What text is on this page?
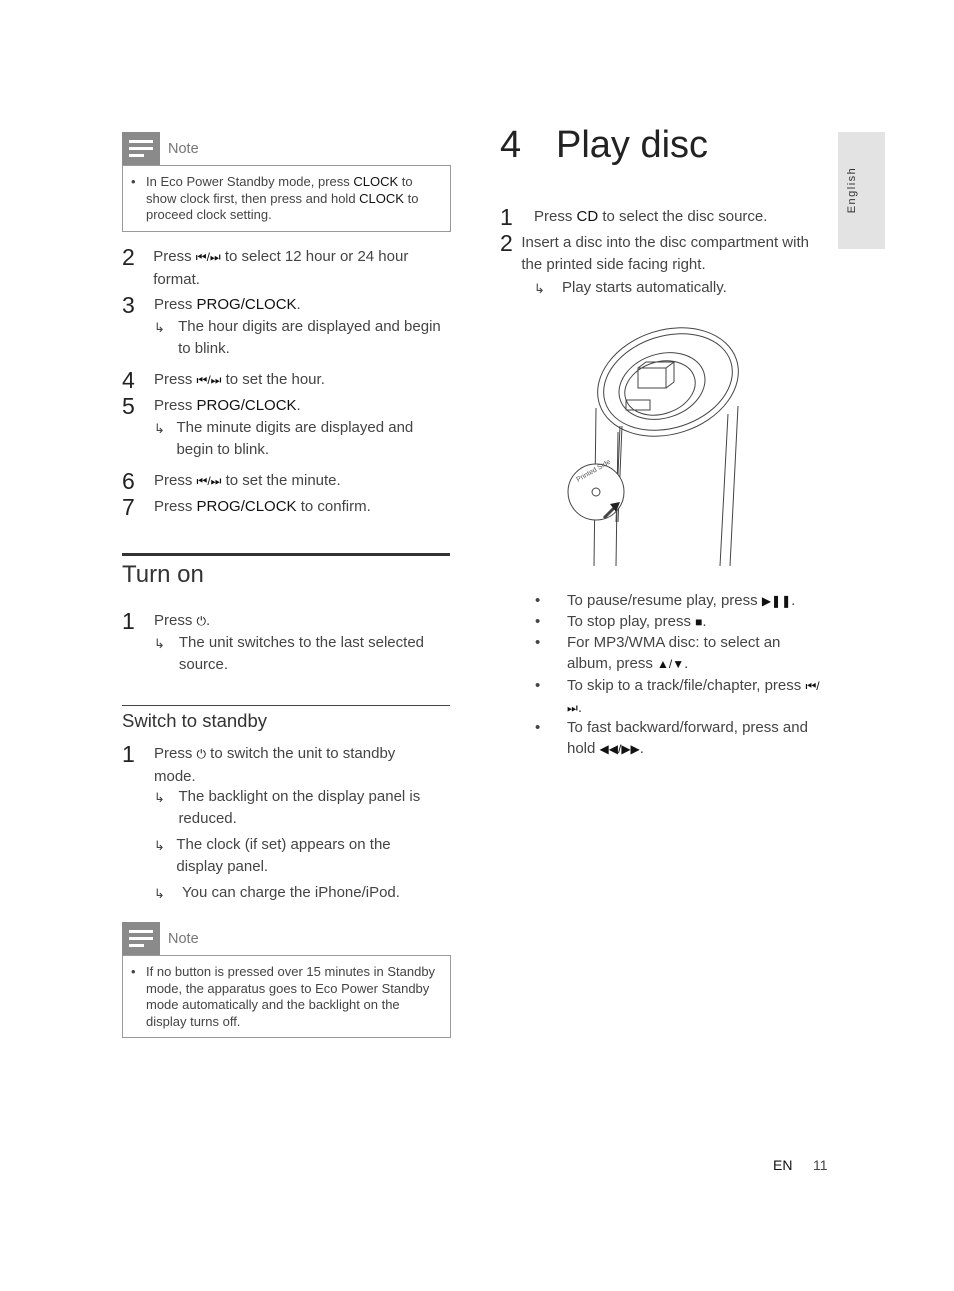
English
Note
• In Eco Power Standby mode, press CLOCK to show clock first, then press and hold CLOCK to proceed clock setting.
2	Press ⏮/⏭ to select 12 hour or 24 hour format.
3	Press PROG/CLOCK.
↳ The hour digits are displayed and begin to blink.
4	Press ⏮/⏭ to set the hour.
5	Press PROG/CLOCK.
↳ The minute digits are displayed and begin to blink.
6	Press ⏮/⏭ to set the minute.
7	Press PROG/CLOCK to confirm.
Turn on
1	Press ⏻.
↳ The unit switches to the last selected source.
Switch to standby
1	Press ⏻ to switch the unit to standby mode.
↳ The backlight on the display panel is reduced.
↳ The clock (if set) appears on the display panel.
↳	You can charge the iPhone/iPod.
Note
• If no button is pressed over 15 minutes in Standby mode, the apparatus goes to Eco Power Standby mode automatically and the backlight on the display turns off.
4 Play disc
1	Press CD to select the disc source.
2 Insert a disc into the disc compartment with the printed side facing right.
↳	Play starts automatically.
Printed Side
•	To pause/resume play, press ▶❚❚.
•	To stop play, press ■.
•	For MP3/WMA disc: to select an album, press ▲/▼.
•	To skip to a track/file/chapter, press ⏮/⏭.
•	To fast backward/forward, press and hold ◀◀/▶▶.
EN 11
